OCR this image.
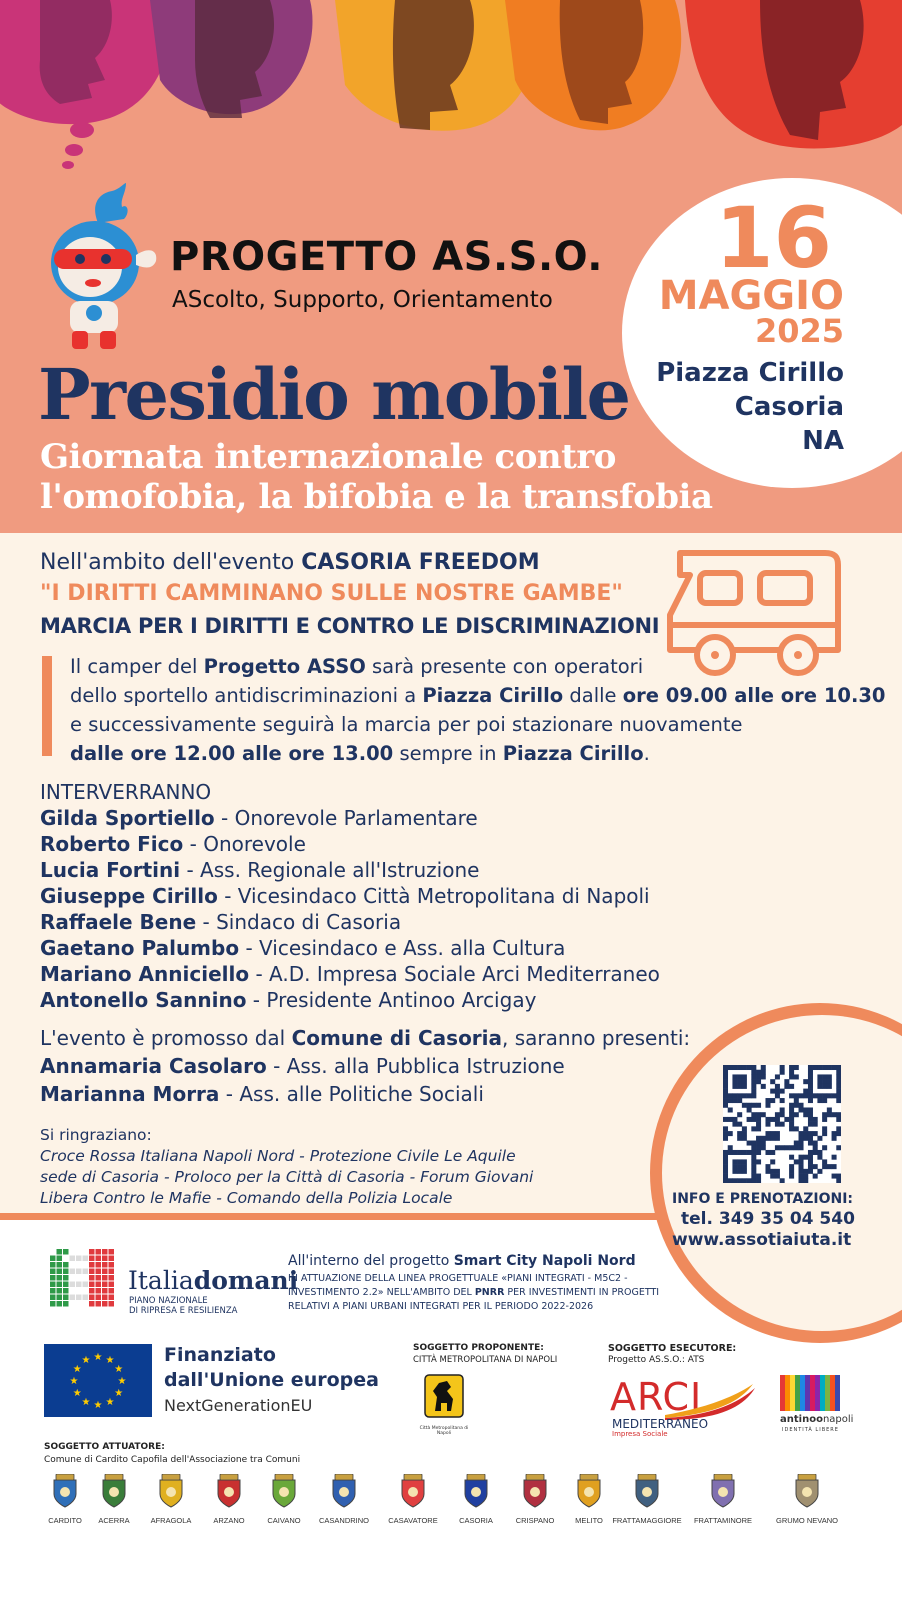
PROGETTO AS.S.O.
AScolto, Supporto, Orientamento
Presidio mobile
Giornata internazionale contro
l'omofobia, la bifobia e la transfobia
16
MAGGIO
2025
Piazza Cirillo
Casoria
NA
Nell'ambito dell'evento CASORIA FREEDOM
"I DIRITTI CAMMINANO SULLE NOSTRE GAMBE"
MARCIA PER I DIRITTI E CONTRO LE DISCRIMINAZIONI
Il camper del Progetto ASSO sarà presente con operatori
dello sportello antidiscriminazioni a Piazza Cirillo dalle ore 09.00 alle ore 10.30
e successivamente seguirà la marcia per poi stazionare nuovamente
dalle ore 12.00 alle ore 13.00 sempre in Piazza Cirillo.
INTERVERRANNO
Gilda Sportiello - Onorevole Parlamentare
Roberto Fico - Onorevole
Lucia Fortini - Ass. Regionale all'Istruzione
Giuseppe Cirillo - Vicesindaco Città Metropolitana di Napoli
Raffaele Bene - Sindaco di Casoria
Gaetano Palumbo - Vicesindaco e Ass. alla Cultura
Mariano Anniciello - A.D. Impresa Sociale Arci Mediterraneo
Antonello Sannino - Presidente Antinoo Arcigay
L'evento è promosso dal Comune di Casoria, saranno presenti:
Annamaria Casolaro - Ass. alla Pubblica Istruzione
Marianna Morra - Ass. alle Politiche Sociali
Si ringraziano:
Croce Rossa Italiana Napoli Nord - Protezione Civile Le Aquile
sede di Casoria - Proloco per la Città di Casoria - Forum Giovani
Libera Contro le Mafie - Comando della Polizia Locale	INFO E PRENOTAZIONI:
tel. 349 35 04 540
www.assotiaiuta.it
Italiadomani
PIANO NAZIONALE
DI RIPRESA E RESILIENZA
All'interno del progetto Smart City Napoli Nord
IN ATTUAZIONE DELLA LINEA PROGETTUALE «PIANI INTEGRATI - M5C2 -
INVESTIMENTO 2.2» NELL'AMBITO DEL PNRR PER INVESTIMENTI IN PROGETTI
RELATIVI A PIANI URBANI INTEGRATI PER IL PERIODO 2022-2026
★
★
★
★
★
★
★
★
★ ★ ★
★
Finanziato
dall'Unione europea
NextGenerationEU
SOGGETTO PROPONENTE:
CITTÀ METROPOLITANA DI NAPOLI
Città Metropolitana di Napoli
SOGGETTO ESECUTORE:
Progetto AS.S.O.: ATS
ARCI
MEDITERRANEO
Impresa Sociale
antinoonapoli
IDENTITÀ LIBERE
SOGGETTO ATTUATORE:
Comune di Cardito Capofila dell'Associazione tra Comuni
CARDITO	ACERRA	AFRAGOLA	ARZANO	CAIVANO	CASANDRINO	CASAVATORE	CASORIA	CRISPANO	MELITO	FRATTAMAGGIORE	FRATTAMINORE	GRUMO NEVANO
